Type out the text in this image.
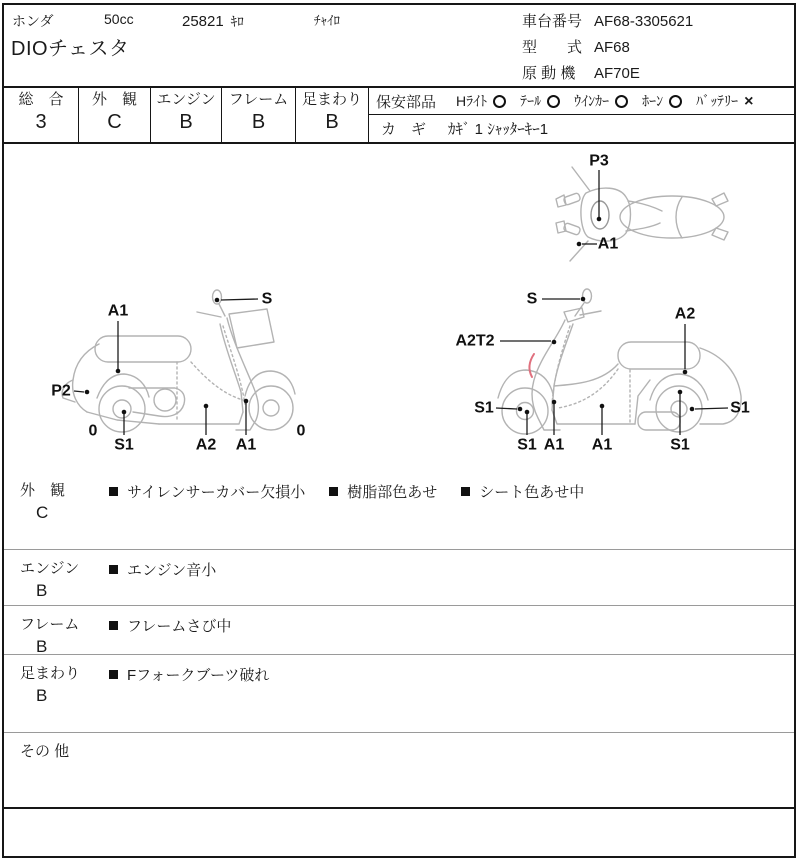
ホンダ	50cc	25821 ｷﾛ	ﾁｬｲﾛ
DIOチェスタ
車台番号 AF68-3305621
型　　式 AF68
原 動 機 AF70E
総　合
3
外　観
C
エンジン
B
フレーム
B
足まわり
B
保安部品 Hﾗｲﾄ ﾃｰﾙ ｳｲﾝｶｰ ﾎｰﾝ ﾊﾞｯﾃﾘｰ ×
カ　ギ ｶｷﾞ 1 ｼｬｯﾀｰｷｰ1
P3
A1
S
A1
P2
0
S1	A2 A1
0
S
A2T2
A2
S1
S1 A1 A1	S1
S1
外　観
C
サイレンサーカバー欠損小	樹脂部色あせ	シート色あせ中
エンジン
B
エンジン音小
フレーム
B
フレームさび中
足まわり
B
Fフォークブーツ破れ
その 他
